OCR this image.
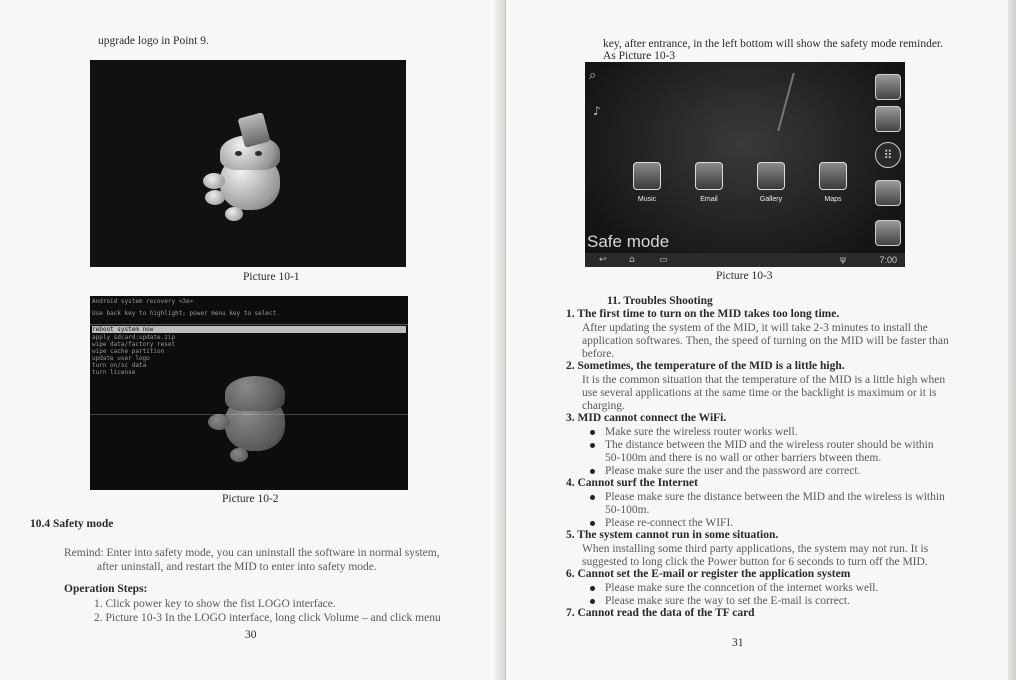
upgrade logo in Point 9.
Picture 10-1
Android system recovery <3e>
Use back key to highlight; power menu key to select.
reboot system now
apply sdcard:update.zip
wipe data/factory reset
wipe cache partition
update user logo
turn on/sc data
turn license
Picture 10-2
10.4 Safety mode
Remind: Enter into safety mode, you can uninstall the software in normal system,
after uninstall, and restart the MID to enter into safety mode.
Operation Steps:
1. Click power key to show the fist LOGO interface.
2. Picture 10-3 In the LOGO interface, long click Volume – and click menu
30
key, after entrance, in the left bottom will show the safety mode reminder.
As Picture 10-3
⌕
♪
Music	Email	Gallery	Maps
⠿
Safe mode
↩ ⌂	▭	ψ	7:00
Picture 10-3
11. Troubles Shooting
1. The first time to turn on the MID takes too long time.
After updating the system of the MID, it will take 2-3 minutes to install the
application softwares. Then, the speed of turning on the MID will be faster than
before.
2. Sometimes, the temperature of the MID is a little high.
It is the common situation that the temperature of the MID is a little high when
use several applications at the same time or the backlight is maximum or it is
charging.
3. MID cannot connect the WiFi.
Make sure the wireless router works well.
The distance between the MID and the wireless router should be within
50-100m and there is no wall or other barriers btween them.
Please make sure the user and the password are correct.
4. Cannot surf the Internet
Please make sure the distance between the MID and the wireless is within
50-100m.
Please re-connect the WIFI.
5. The system cannot run in some situation.
When installing some third party applications, the system may not run. It is
suggested to long click the Power button for 6 seconds to turn off the MID.
6. Cannot set the E-mail or register the application system
Please make sure the conncetion of the internet works well.
Please make sure the way to set the E-mail is correct.
7. Cannot read the data of the TF card
31
